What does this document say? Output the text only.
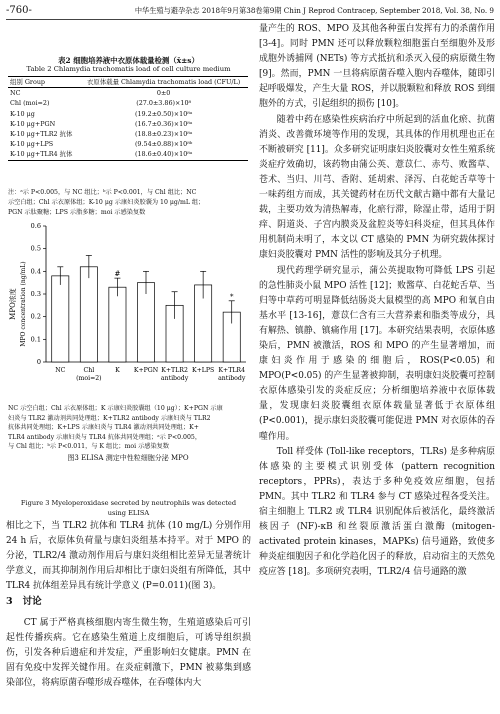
-760-	中华生殖与避孕杂志 2018年9月第38卷第9期 Chin J Reprod Contracep, September 2018, Vol. 38, No. 9
表2 细胞培养液中衣原体载量检测（x̄±s）
Table 2 Chlamydia trachomatis load of cell culture medium
组别 Group	衣原体载量 Chlamydia trachomatis load (CFU/L)
NC	0±0
Chl (moi=2)	(27.0±3.86)×10⁸
K-10 μg	(19.2±0.50)×10⁸ᵃ
K-10 μg+PGN	(16.7±0.36)×10⁸ᵃ
K-10 μg+TLR2 抗体	(18.8±0.23)×10⁸ᵃ
K-10 μg+LPS	(9.54±0.88)×10⁸ᵇ
K-10 μg+TLR4 抗体	(18.6±0.40)×10⁸ᵃ
注：ᵃ示 P<0.005，与 NC 组比；ᵇ示 P<0.001，与 Chl 组比；NC
示空白组；Chl 示衣原体组；K-10 μg 示康妇炎胶囊为 10 μg/mL 组；
PGN 示肽聚糖；LPS 示脂多糖；moi 示感染复数
MPO浓度 MPO concentration (ng/mL)
0
0.1
0.2
0.3
0.4
0.5
0.6
#
*
NC	Chl
(moi=2)
K K+PGN K+TLR2
antibody
K+LPS K+TLR4
antibody
NC 示空白组；Chl 示衣原体组；K 示康妇炎胶囊组（10 μg）；K+PGN 示康
妇炎与 TLR2 激动剂共同处理组；K+TLR2 antibody 示康妇炎与 TLR2
抗体共同处理组；K+LPS 示康妇炎与 TLR4 激动剂共同处理组；K+
TLR4 antibody 示康妇炎与 TLR4 抗体共同处理组；ᵃ示 P<0.005，
与 Chl 组比；ᵇ示 P<0.011，与 K 组比；moi 示感染复数
图3 ELISA 测定中性粒细胞分泌 MPO
Figure 3 Myeloperoxidase secreted by neutrophils was detected
using ELISA

相比之下，当 TLR2 抗体和 TLR4 抗体 (10 mg/L) 分别作用 24 h 后，衣原体负荷量与康妇炎组基本持平。对于 MPO 的分泌，TLR2/4 激动剂作用后与康妇炎组相比差异无显著统计学意义，而其抑制剂作用后却相比于康妇炎组有所降低，其中 TLR4 抗体组差异具有统计学意义 (P=0.011)(图 3)。

3 讨论

CT 属于严格真核细胞内寄生微生物，生殖道感染后可引起性传播疾病。它在感染生殖道上皮细胞后，可诱导组织损伤，引发各种后遗症和并发症，严重影响妇女健康。PMN 在固有免疫中发挥关键作用。在炎症刺激下，PMN 被募集到感染部位，将病原菌吞噬形成吞噬体，在吞噬体内大

量产生的 ROS、MPO 及其他各种蛋白发挥有力的杀菌作用 [3-4]。同时 PMN 还可以释放颗粒细胞蛋白至细胞外及形成胞外诱捕网 (NETs) 等方式抵抗和杀灭入侵的病原微生物 [9]。然而，PMN 一旦将病原菌吞噬入胞内吞噬体，随即引起呼吸爆发，产生大量 ROS，并以脱颗粒和释放 ROS 到细胞外的方式，引起组织的损伤 [10]。

随着中药在感染性疾病治疗中所起到的活血化瘀、抗菌消炎、改善微环境等作用的发现，其具体的作用机理也正在不断被研究 [11]。众多研究证明康妇炎胶囊对女性生殖系统炎症疗效确切，该药物由蒲公英、薏苡仁、赤芍、败酱草、苍术、当归、川芎、香附、延胡索、泽泻、白花蛇舌草等十一味药组方而成，其关键药材在历代文献古籍中都有大量记载，主要功效为清热解毒，化瘀行滞，除湿止带，适用于阴痒、阴道炎、子宫内膜炎及盆腔炎等妇科炎症，但其具体作用机制尚未明了，本文以 CT 感染的 PMN 为研究载体探讨康妇炎胶囊对 PMN 活性的影响及其分子机理。

现代药理学研究显示，蒲公英提取物可降低 LPS 引起的急性肺炎小鼠 MPO 活性 [12]；败酱草、白花蛇舌草、当归等中草药可明显降低结肠炎大鼠模型的高 MPO 和氧自由基水平 [13-16]，薏苡仁含有三大营养素和脂类等成分，具有解热、镇静、镇痛作用 [17]。本研究结果表明，衣原体感染后，PMN 被激活，ROS 和 MPO 的产生显著增加，而康妇炎作用于感染的细胞后，ROS(P<0.05) 和 MPO(P<0.05) 的产生显著被抑制，表明康妇炎胶囊可控制衣原体感染引发的炎症反应；分析细胞培养液中衣原体载量，发现康妇炎胶囊组衣原体载量显著低于衣原体组 (P<0.001)，提示康妇炎胶囊可能促进 PMN 对衣原体的吞噬作用。

Toll 样受体 (Toll-like receptors，TLRs) 是多种病原体感染的主要模式识别受体 (pattern recognition receptors，PPRs)，表达于多种免疫效应细胞，包括 PMN。其中 TLR2 和 TLR4 参与 CT 感染过程各受关注。宿主细胞上 TLR2 或 TLR4 识别配体后被活化，最终激活核因子 (NF)-κB 和丝裂原激活蛋白激酶 (mitogen-activated protein kinases，MAPKs) 信号通路，致使多种炎症细胞因子和化学趋化因子的释放，启动宿主的天然免疫应答 [18]。多项研究表明，TLR2/4 信号通路的激
